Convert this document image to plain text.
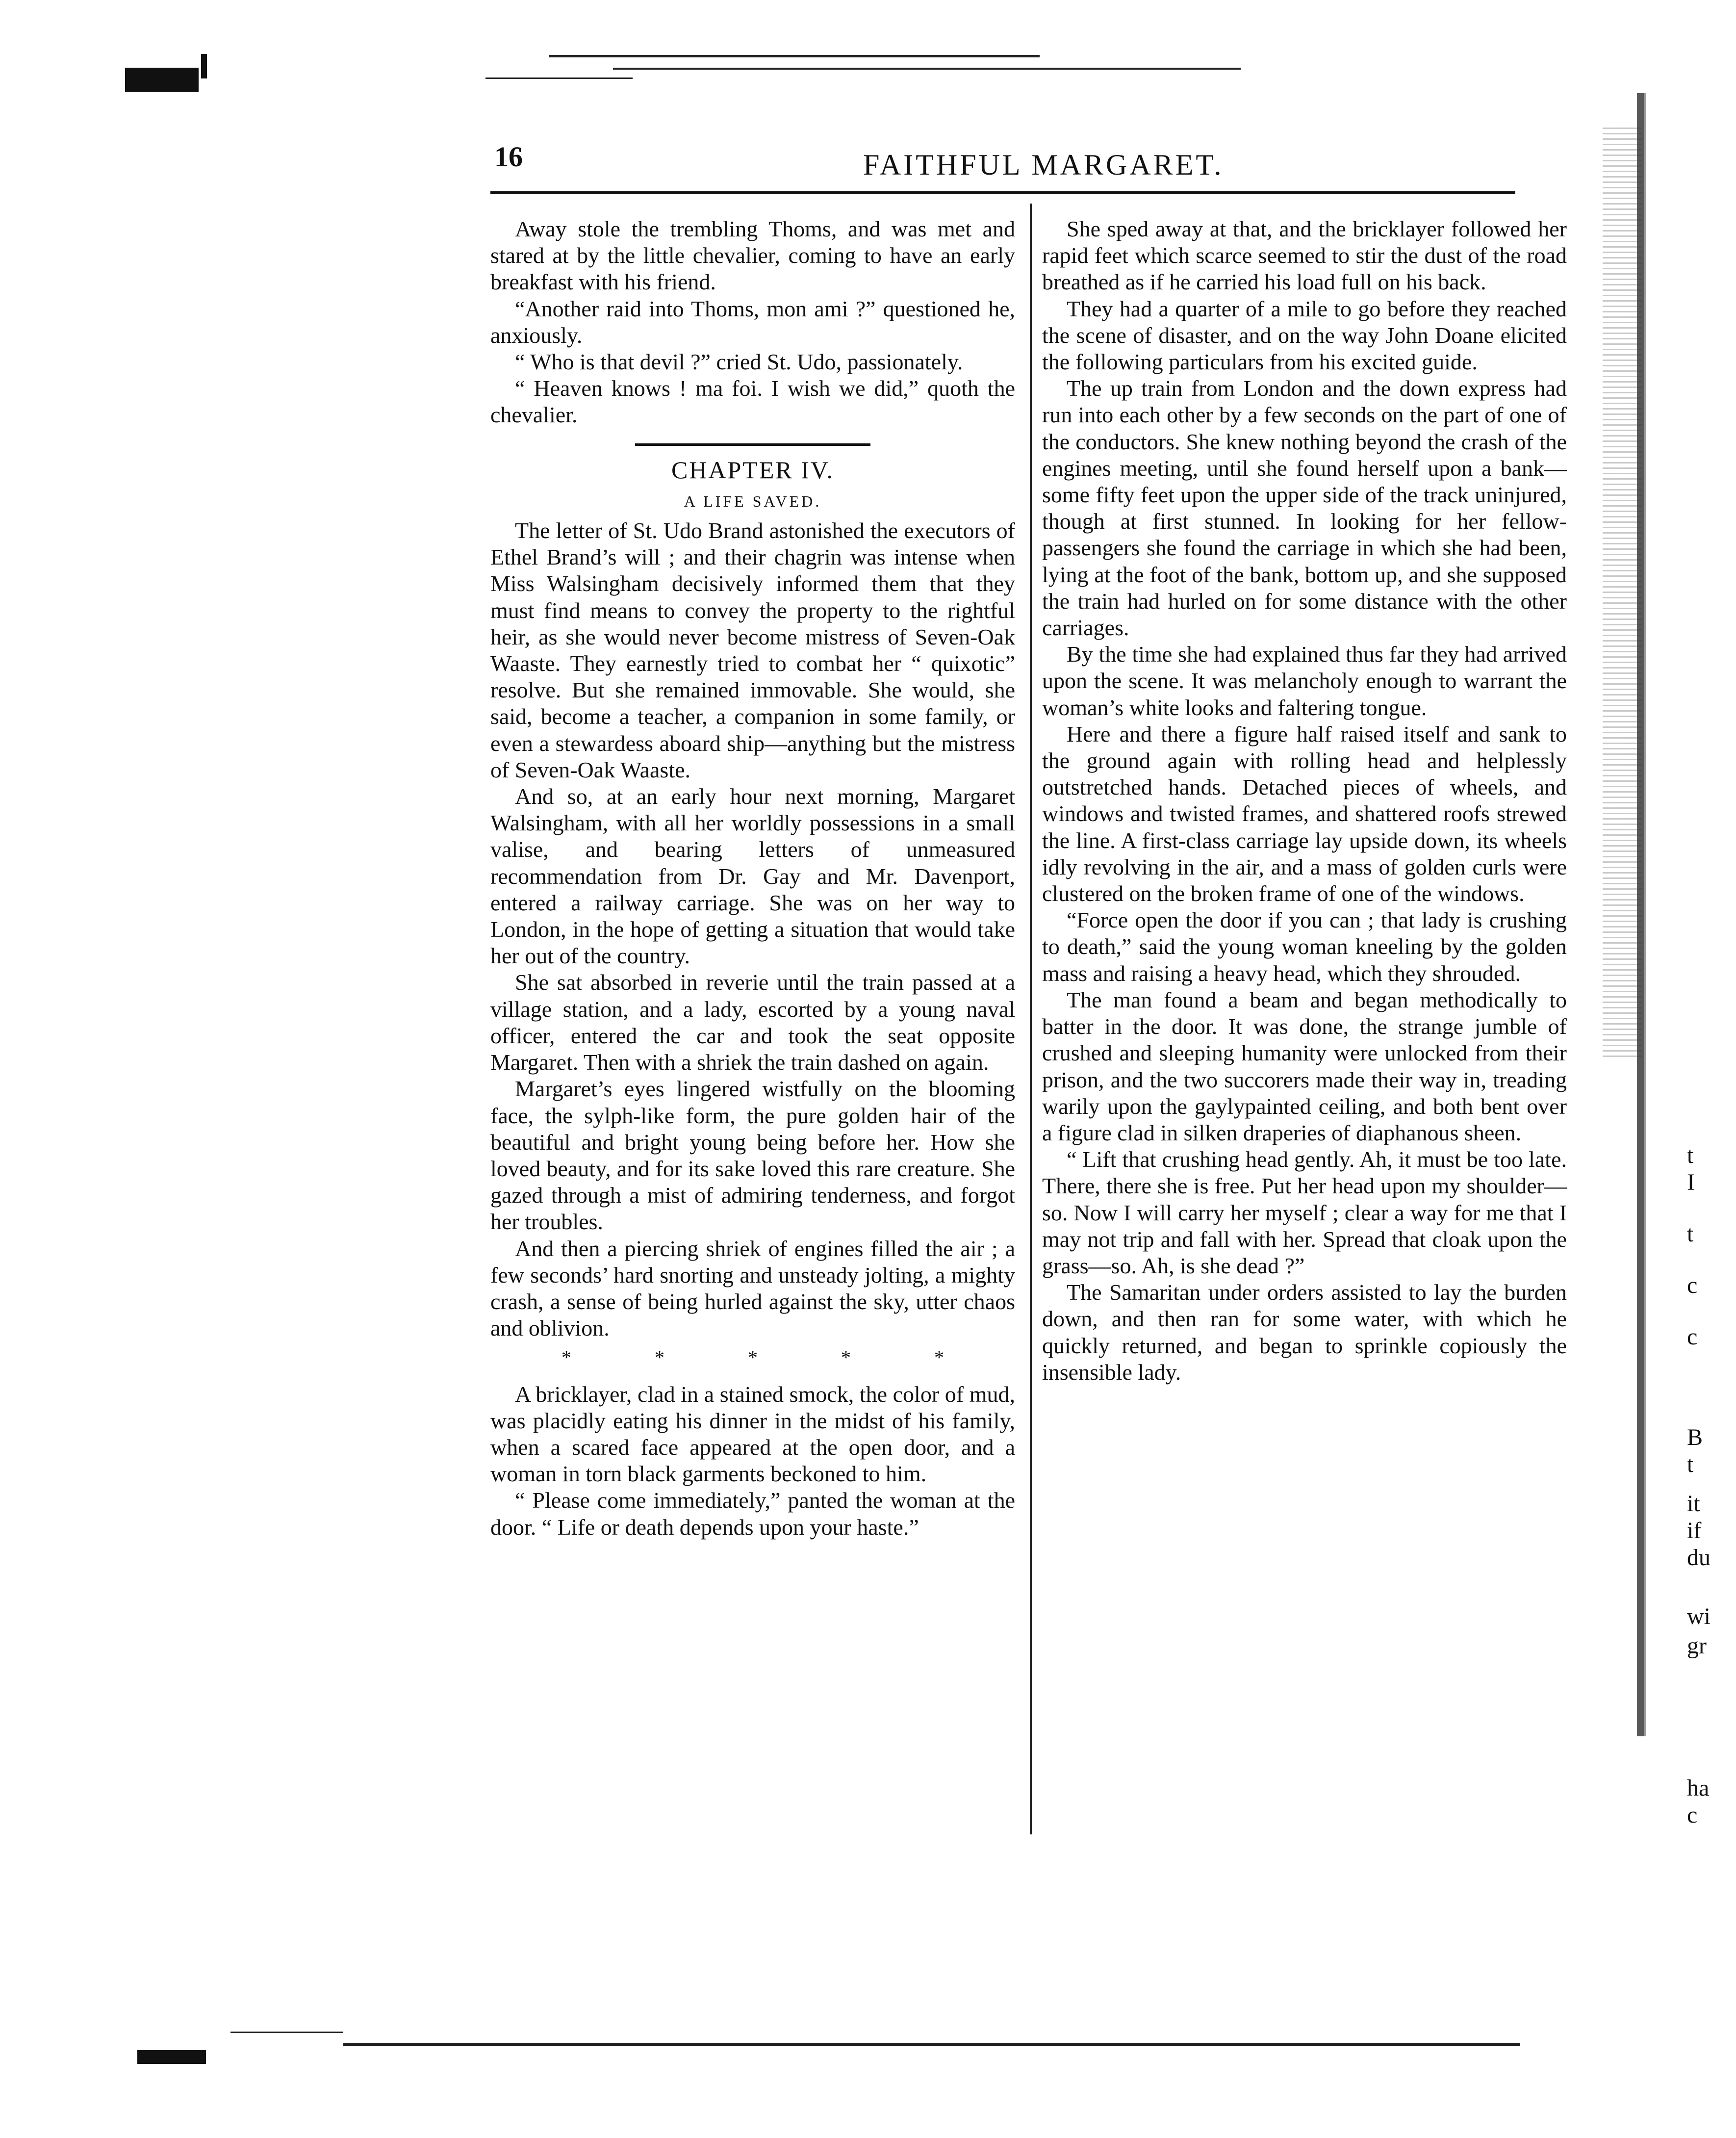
16	FAITHFUL MARGARET.

Away stole the trembling Thoms, and was met and stared at by the little chevalier, coming to have an early breakfast with his friend.

“Another raid into Thoms, mon ami ?” questioned he, anxiously.

“ Who is that devil ?” cried St. Udo, passionately.

“ Heaven knows ! ma foi. I wish we did,” quoth the chevalier.

CHAPTER IV.
A LIFE SAVED.

The letter of St. Udo Brand astonished the executors of Ethel Brand’s will ; and their chagrin was intense when Miss Walsingham decisively informed them that they must find means to convey the property to the rightful heir, as she would never become mistress of Seven-Oak Waaste. They earnestly tried to combat her “ quixotic” resolve. But she remained immovable. She would, she said, become a teacher, a companion in some family, or even a stewardess aboard ship—anything but the mistress of Seven-Oak Waaste.

And so, at an early hour next morning, Margaret Walsingham, with all her worldly possessions in a small valise, and bearing letters of unmeasured recommendation from Dr. Gay and Mr. Davenport, entered a railway carriage. She was on her way to London, in the hope of getting a situation that would take her out of the country.

She sat absorbed in reverie until the train passed at a village station, and a lady, escorted by a young naval officer, entered the car and took the seat opposite Margaret. Then with a shriek the train dashed on again.

Margaret’s eyes lingered wistfully on the blooming face, the sylph-like form, the pure golden hair of the beautiful and bright young being before her. How she loved beauty, and for its sake loved this rare creature. She gazed through a mist of admiring tenderness, and forgot her troubles.

And then a piercing shriek of engines filled the air ; a few seconds’ hard snorting and unsteady jolting, a mighty crash, a sense of being hurled against the sky, utter chaos and oblivion.

*	*	*	*	*

A bricklayer, clad in a stained smock, the color of mud, was placidly eating his dinner in the midst of his family, when a scared face appeared at the open door, and a woman in torn black garments beckoned to him.

“ Please come immediately,” panted the woman at the door. “ Life or death depends upon your haste.”

She sped away at that, and the bricklayer followed her rapid feet which scarce seemed to stir the dust of the road breathed as if he carried his load full on his back.

They had a quarter of a mile to go before they reached the scene of disaster, and on the way John Doane elicited the following particulars from his excited guide.

The up train from London and the down express had run into each other by a few seconds on the part of one of the conductors. She knew nothing beyond the crash of the engines meeting, until she found herself upon a bank—some fifty feet upon the upper side of the track uninjured, though at first stunned. In looking for her fellow-passengers she found the carriage in which she had been, lying at the foot of the bank, bottom up, and she supposed the train had hurled on for some distance with the other carriages.

By the time she had explained thus far they had arrived upon the scene. It was melancholy enough to warrant the woman’s white looks and faltering tongue.

Here and there a figure half raised itself and sank to the ground again with rolling head and helplessly outstretched hands. Detached pieces of wheels, and windows and twisted frames, and shattered roofs strewed the line. A first-class carriage lay upside down, its wheels idly revolving in the air, and a mass of golden curls were clustered on the broken frame of one of the windows.

“Force open the door if you can ; that lady is crushing to death,” said the young woman kneeling by the golden mass and raising a heavy head, which they shrouded.

The man found a beam and began methodically to batter in the door. It was done, the strange jumble of crushed and sleeping humanity were unlocked from their prison, and the two succorers made their way in, treading warily upon the gaylypainted ceiling, and both bent over a figure clad in silken draperies of diaphanous sheen.

“ Lift that crushing head gently. Ah, it must be too late. There, there she is free. Put her head upon my shoulder—so. Now I will carry her myself ; clear a way for me that I may not trip and fall with her. Spread that cloak upon the grass—so. Ah, is she dead ?”

The Samaritan under orders assisted to lay the burden down, and then ran for some water, with which he quickly returned, and began to sprinkle copiously the insensible lady.

t
I
t
c
c
B
t
it
if
du
wi
gr
ha
c
